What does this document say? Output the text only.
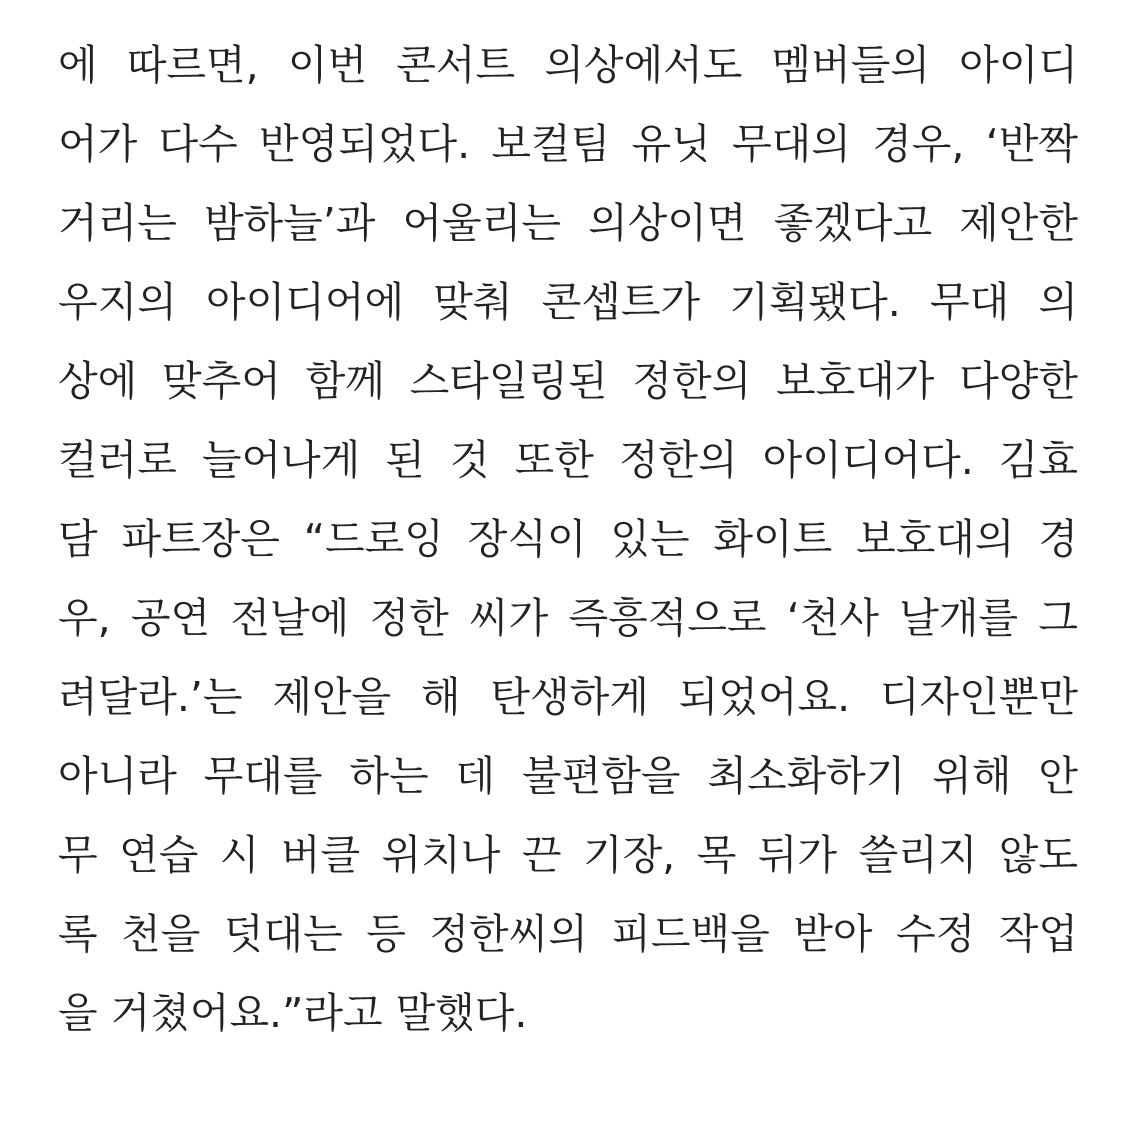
에 따르면, 이번 콘서트 의상에서도 멤버들의 아이디
어가 다수 반영되었다. 보컬팀 유닛 무대의 경우, ‘반짝
거리는 밤하늘’과 어울리는 의상이면 좋겠다고 제안한
우지의 아이디어에 맞춰 콘셉트가 기획됐다. 무대 의
상에 맞추어 함께 스타일링된 정한의 보호대가 다양한
컬러로 늘어나게 된 것 또한 정한의 아이디어다. 김효
담 파트장은 “드로잉 장식이 있는 화이트 보호대의 경
우, 공연 전날에 정한 씨가 즉흥적으로 ‘천사 날개를 그
려달라.’는 제안을 해 탄생하게 되었어요. 디자인뿐만
아니라 무대를 하는 데 불편함을 최소화하기 위해 안
무 연습 시 버클 위치나 끈 기장, 목 뒤가 쓸리지 않도
록 천을 덧대는 등 정한씨의 피드백을 받아 수정 작업
을 거쳤어요.”라고 말했다.
